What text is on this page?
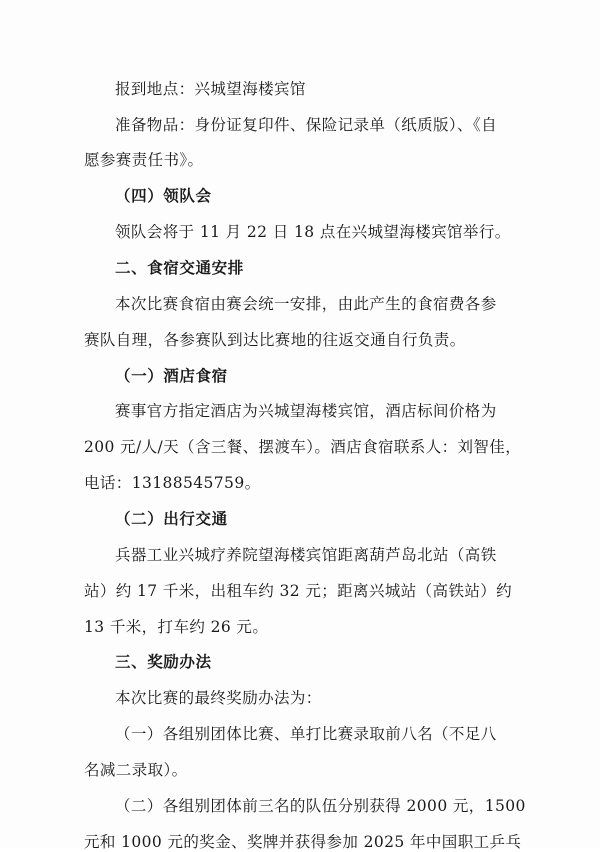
报到地点：兴城望海楼宾馆
准备物品：身份证复印件、保险记录单（纸质版）、《自
愿参赛责任书》。
（四）领队会
领队会将于 11 月 22 日 18 点在兴城望海楼宾馆举行。
二、食宿交通安排
本次比赛食宿由赛会统一安排，由此产生的食宿费各参
赛队自理，各参赛队到达比赛地的往返交通自行负责。
（一）酒店食宿
赛事官方指定酒店为兴城望海楼宾馆，酒店标间价格为
200 元/人/天（含三餐、摆渡车）。酒店食宿联系人：刘智佳，
电话：13188545759。
（二）出行交通
兵器工业兴城疗养院望海楼宾馆距离葫芦岛北站（高铁
站）约 17 千米，出租车约 32 元；距离兴城站（高铁站）约
13 千米，打车约 26 元。
三、奖励办法
本次比赛的最终奖励办法为：
（一）各组别团体比赛、单打比赛录取前八名（不足八
名减二录取）。
（二）各组别团体前三名的队伍分别获得 2000 元，1500
元和 1000 元的奖金、奖牌并获得参加 2025 年中国职工乒乓
